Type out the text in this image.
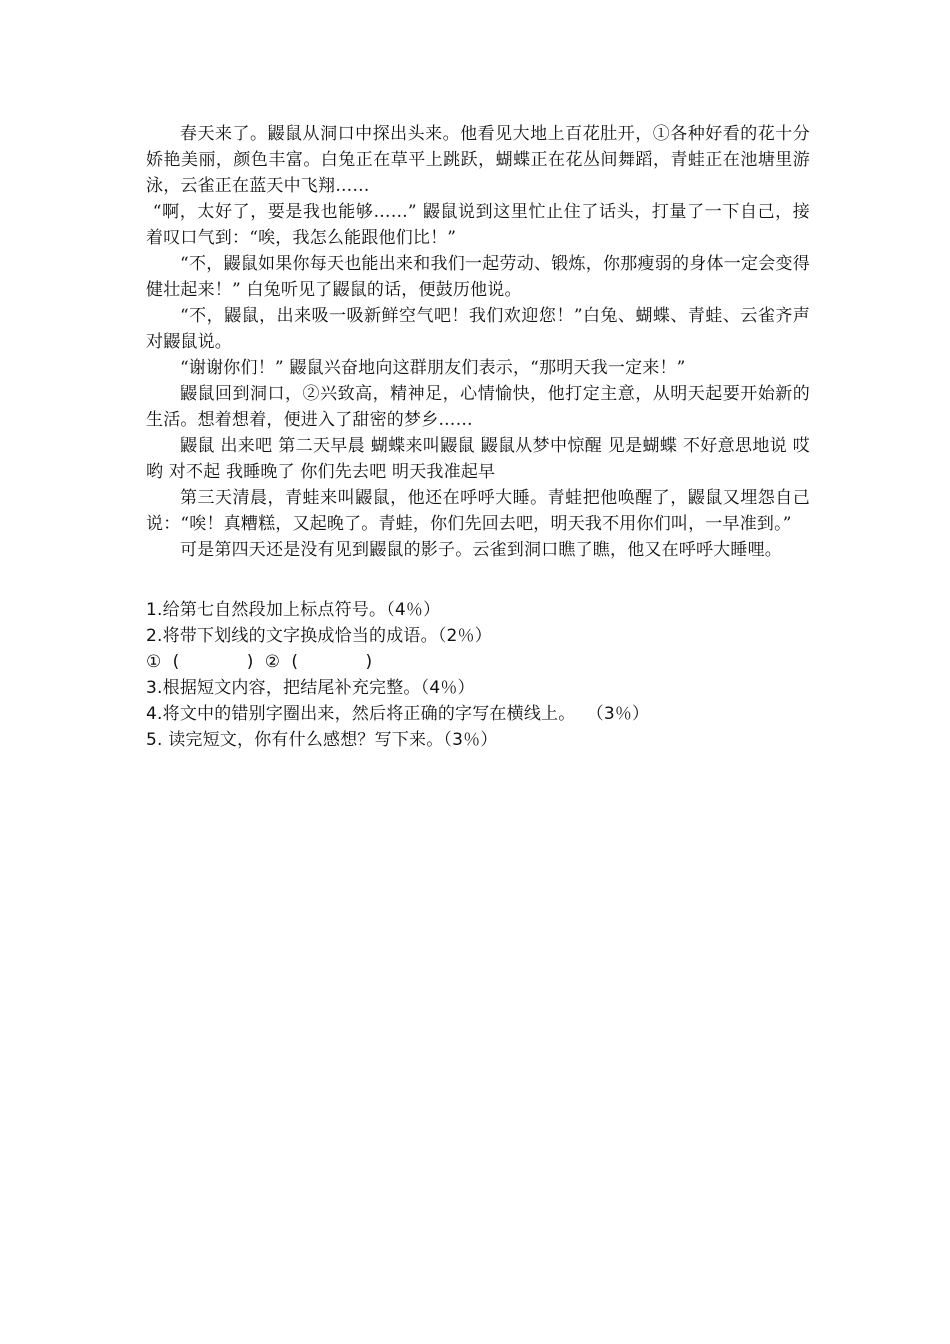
春天来了。鼹鼠从洞口中探出头来。他看见大地上百花肚开，①各种好看的花十分娇艳美丽，颜色丰富。白兔正在草平上跳跃，蝴蝶正在花丛间舞蹈，青蛙正在池塘里游泳，云雀正在蓝天中飞翔……

“啊，太好了，要是我也能够……” 鼹鼠说到这里忙止住了话头，打量了一下自己，接着叹口气到：“唉，我怎么能跟他们比！”

“不，鼹鼠如果你每天也能出来和我们一起劳动、锻炼，你那瘦弱的身体一定会变得健壮起来！” 白兔听见了鼹鼠的话，便鼓历他说。

“不，鼹鼠，出来吸一吸新鲜空气吧！我们欢迎您！”白兔、蝴蝶、青蛙、云雀齐声对鼹鼠说。

“谢谢你们！” 鼹鼠兴奋地向这群朋友们表示，“那明天我一定来！”

鼹鼠回到洞口，②兴致高，精神足，心情愉快，他打定主意，从明天起要开始新的生活。想着想着，便进入了甜密的梦乡……

鼹鼠 出来吧 第二天早晨 蝴蝶来叫鼹鼠 鼹鼠从梦中惊醒 见是蝴蝶 不好意思地说 哎哟 对不起 我睡晚了 你们先去吧 明天我准起早

第三天清晨，青蛙来叫鼹鼠，他还在呼呼大睡。青蛙把他唤醒了，鼹鼠又埋怨自己说：“唉！真糟糕，又起晚了。青蛙，你们先回去吧，明天我不用你们叫，一早准到。”

可是第四天还是没有见到鼹鼠的影子。云雀到洞口瞧了瞧，他又在呼呼大睡哩。

1.给第七自然段加上标点符号。（4％）

2.将带下划线的文字换成恰当的成语。（2％）

①  (            )  ②  (            )

3.根据短文内容，把结尾补充完整。（4％）

4.将文中的错别字圈出来，然后将正确的字写在横线上。  （3％）

5. 读完短文，你有什么感想？写下来。（3％）
